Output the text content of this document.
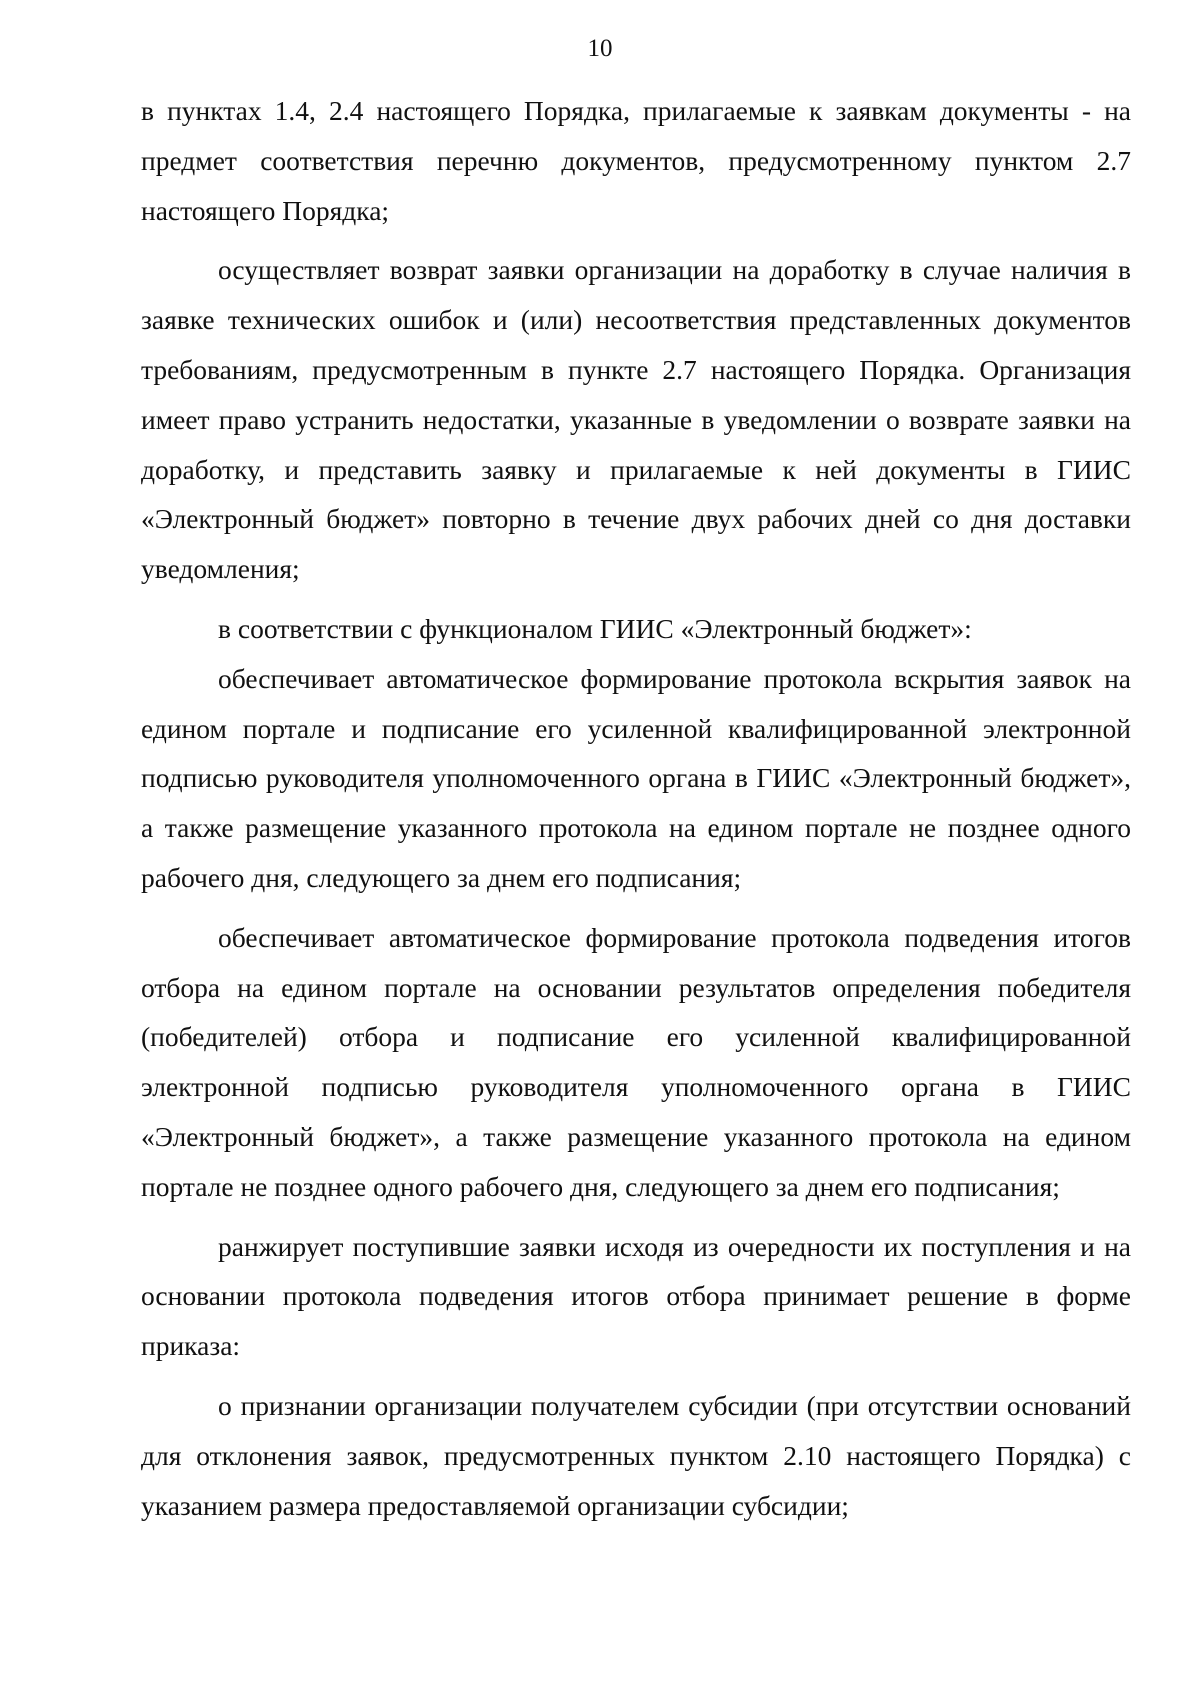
10

в пунктах 1.4, 2.4 настоящего Порядка, прилагаемые к заявкам документы - на предмет соответствия перечню документов, предусмотренному пунктом 2.7 настоящего Порядка;

осуществляет возврат заявки организации на доработку в случае наличия в заявке технических ошибок и (или) несоответствия представленных документов требованиям, предусмотренным в пункте 2.7 настоящего Порядка. Организация имеет право устранить недостатки, указанные в уведомлении о возврате заявки на доработку, и представить заявку и прилагаемые к ней документы в ГИИС «Электронный бюджет» повторно в течение двух рабочих дней со дня доставки уведомления;

в соответствии с функционалом ГИИС «Электронный бюджет»:

обеспечивает автоматическое формирование протокола вскрытия заявок на едином портале и подписание его усиленной квалифицированной электронной подписью руководителя уполномоченного органа в ГИИС «Электронный бюджет», а также размещение указанного протокола на едином портале не позднее одного рабочего дня, следующего за днем его подписания;

обеспечивает автоматическое формирование протокола подведения итогов отбора на едином портале на основании результатов определения победителя (победителей) отбора и подписание его усиленной квалифицированной электронной подписью руководителя уполномоченного органа в ГИИС «Электронный бюджет», а также размещение указанного протокола на едином портале не позднее одного рабочего дня, следующего за днем его подписания;

ранжирует поступившие заявки исходя из очередности их поступления и на основании протокола подведения итогов отбора принимает решение в форме приказа:

о признании организации получателем субсидии (при отсутствии оснований для отклонения заявок, предусмотренных пунктом 2.10 настоящего Порядка) с указанием размера предоставляемой организации субсидии;
